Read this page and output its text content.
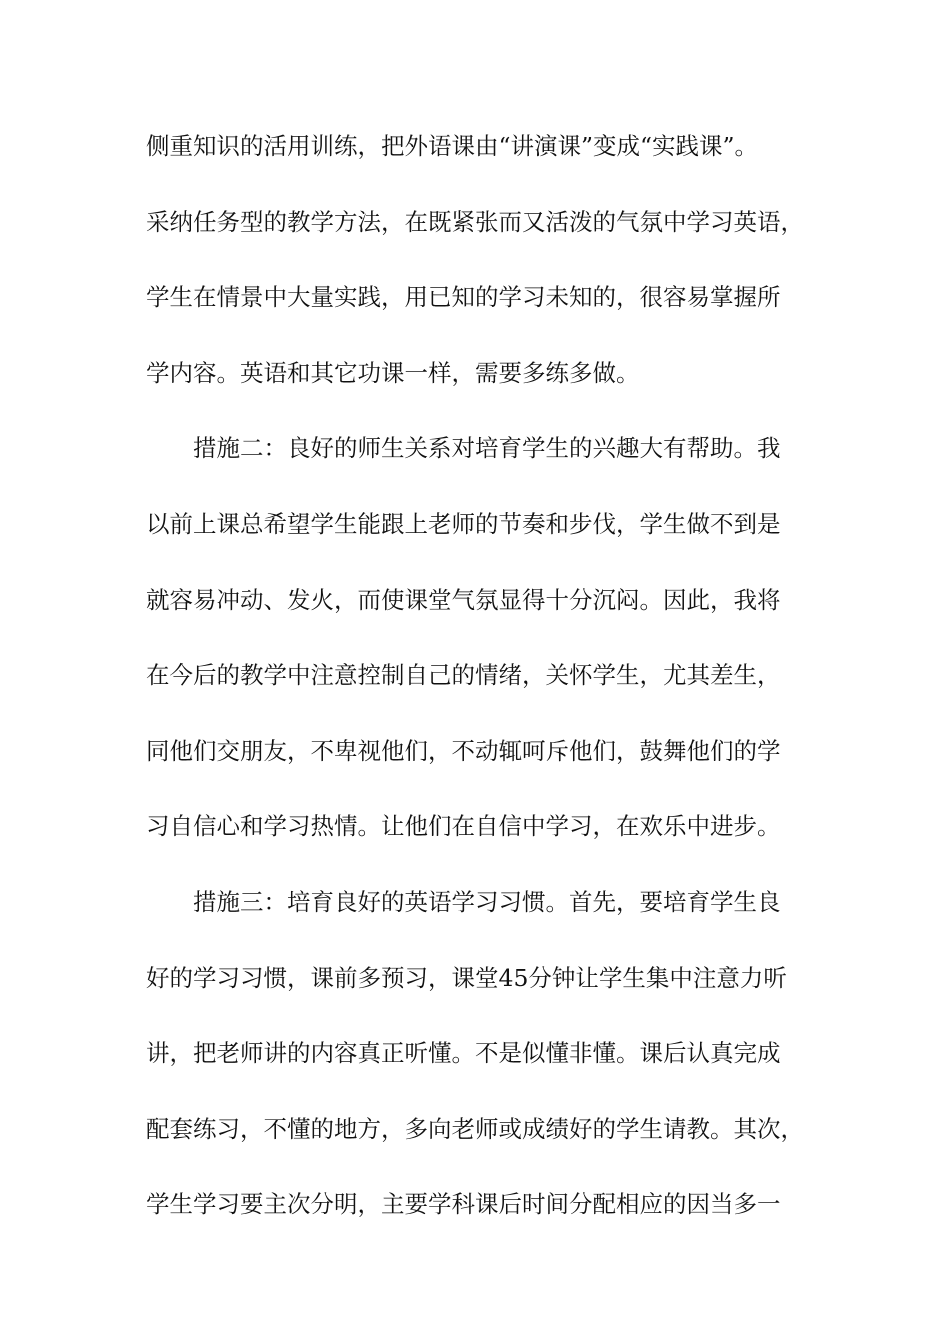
侧重知识的活用训练，把外语课由“讲演课”变成“实践课”。
采纳任务型的教学方法，在既紧张而又活泼的气氛中学习英语，
学生在情景中大量实践，用已知的学习未知的，很容易掌握所
学内容。英语和其它功课一样，需要多练多做。
措施二：良好的师生关系对培育学生的兴趣大有帮助。我
以前上课总希望学生能跟上老师的节奏和步伐，学生做不到是
就容易冲动、发火，而使课堂气氛显得十分沉闷。因此，我将
在今后的教学中注意控制自己的情绪，关怀学生，尤其差生，
同他们交朋友，不卑视他们，不动辄呵斥他们，鼓舞他们的学
习自信心和学习热情。让他们在自信中学习，在欢乐中进步。
措施三：培育良好的英语学习习惯。首先，要培育学生良
好的学习习惯，课前多预习，课堂45分钟让学生集中注意力听
讲，把老师讲的内容真正听懂。不是似懂非懂。课后认真完成
配套练习，不懂的地方，多向老师或成绩好的学生请教。其次，
学生学习要主次分明，主要学科课后时间分配相应的因当多一
